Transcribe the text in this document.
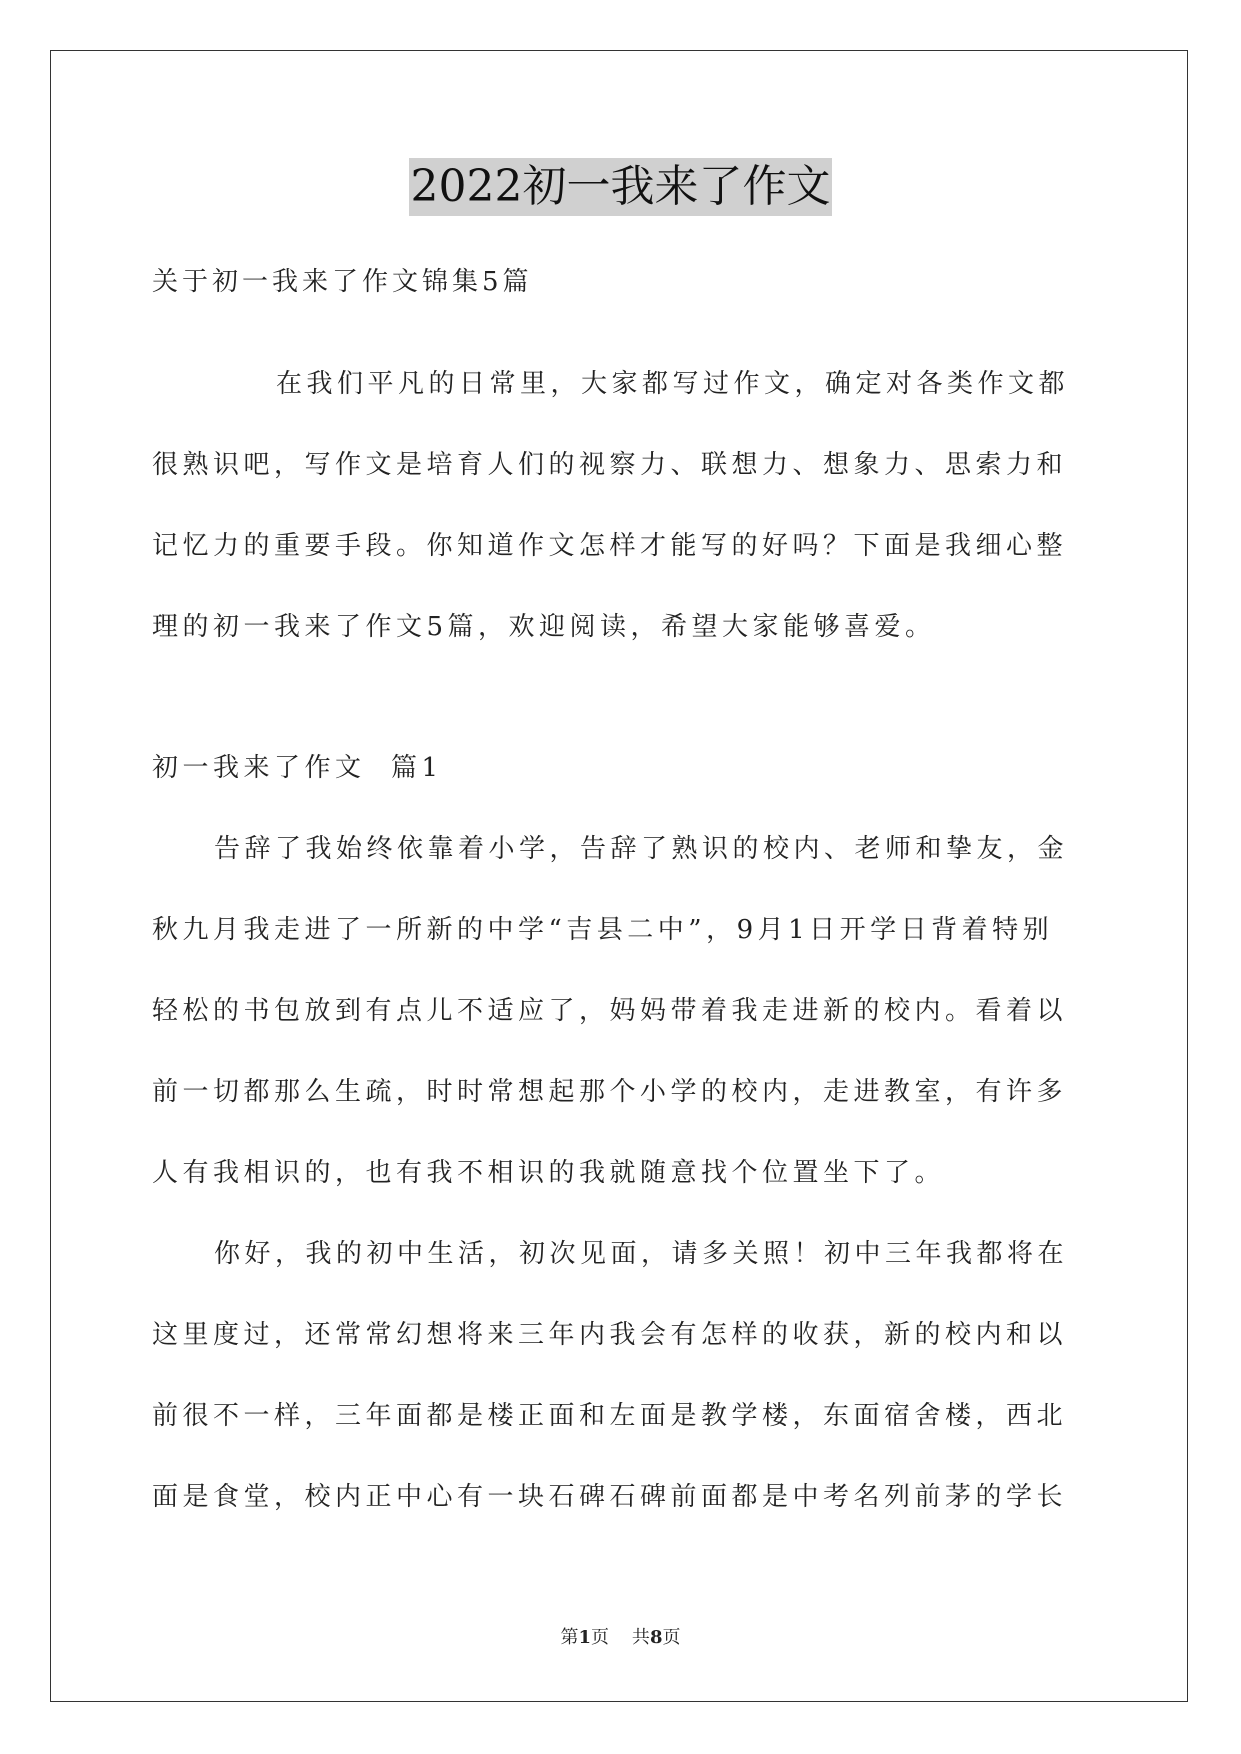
2022初一我来了作文
关于初一我来了作文锦集5篇
在我们平凡的日常里，大家都写过作文，确定对各类作文都
很熟识吧，写作文是培育人们的视察力、联想力、想象力、思索力和
记忆力的重要手段。你知道作文怎样才能写的好吗？下面是我细心整
理的初一我来了作文5篇，欢迎阅读，希望大家能够喜爱。
初一我来了作文  篇1
告辞了我始终依靠着小学，告辞了熟识的校内、老师和挚友，金
秋九月我走进了一所新的中学“吉县二中”，9月1日开学日背着特别
轻松的书包放到有点儿不适应了，妈妈带着我走进新的校内。看着以
前一切都那么生疏，时时常想起那个小学的校内，走进教室，有许多
人有我相识的，也有我不相识的我就随意找个位置坐下了。
你好，我的初中生活，初次见面，请多关照！初中三年我都将在
这里度过，还常常幻想将来三年内我会有怎样的收获，新的校内和以
前很不一样，三年面都是楼正面和左面是教学楼，东面宿舍楼，西北
面是食堂，校内正中心有一块石碑石碑前面都是中考名列前茅的学长
第1页    共8页
